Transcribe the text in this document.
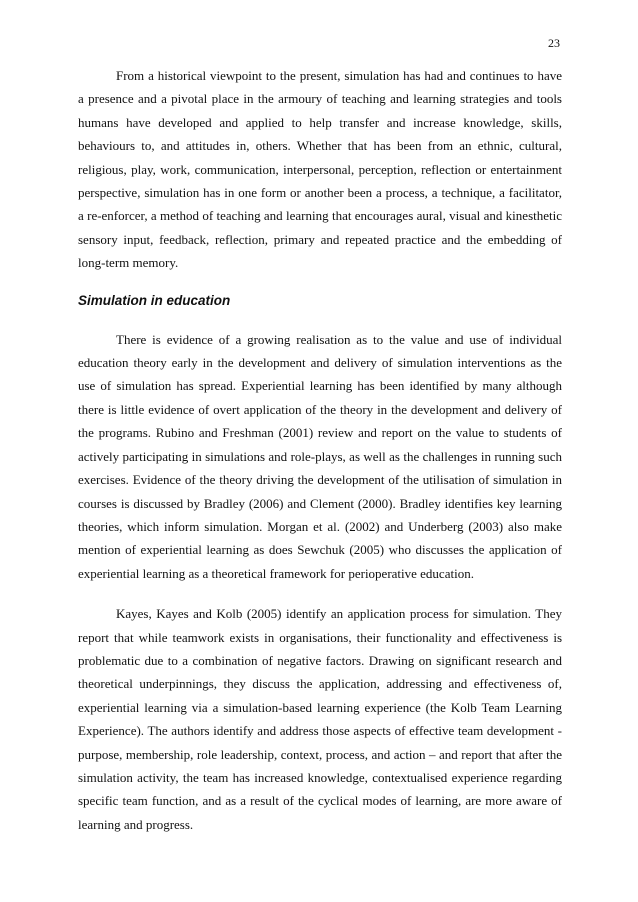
23

From a historical viewpoint to the present, simulation has had and continues to have a presence and a pivotal place in the armoury of teaching and learning strategies and tools humans have developed and applied to help transfer and increase knowledge, skills, behaviours to, and attitudes in, others. Whether that has been from an ethnic, cultural, religious, play, work, communication, interpersonal, perception, reflection or entertainment perspective, simulation has in one form or another been a process, a technique, a facilitator, a re-enforcer, a method of teaching and learning that encourages aural, visual and kinesthetic sensory input, feedback, reflection, primary and repeated practice and the embedding of long-term memory.

Simulation in education

There is evidence of a growing realisation as to the value and use of individual education theory early in the development and delivery of simulation interventions as the use of simulation has spread. Experiential learning has been identified by many although there is little evidence of overt application of the theory in the development and delivery of the programs. Rubino and Freshman (2001) review and report on the value to students of actively participating in simulations and role-plays, as well as the challenges in running such exercises. Evidence of the theory driving the development of the utilisation of simulation in courses is discussed by Bradley (2006) and Clement (2000). Bradley identifies key learning theories, which inform simulation. Morgan et al. (2002) and Underberg (2003) also make mention of experiential learning as does Sewchuk (2005) who discusses the application of experiential learning as a theoretical framework for perioperative education.

Kayes, Kayes and Kolb (2005) identify an application process for simulation. They report that while teamwork exists in organisations, their functionality and effectiveness is problematic due to a combination of negative factors. Drawing on significant research and theoretical underpinnings, they discuss the application, addressing and effectiveness of, experiential learning via a simulation-based learning experience (the Kolb Team Learning Experience). The authors identify and address those aspects of effective team development - purpose, membership, role leadership, context, process, and action – and report that after the simulation activity, the team has increased knowledge, contextualised experience regarding specific team function, and as a result of the cyclical modes of learning, are more aware of learning and progress.
